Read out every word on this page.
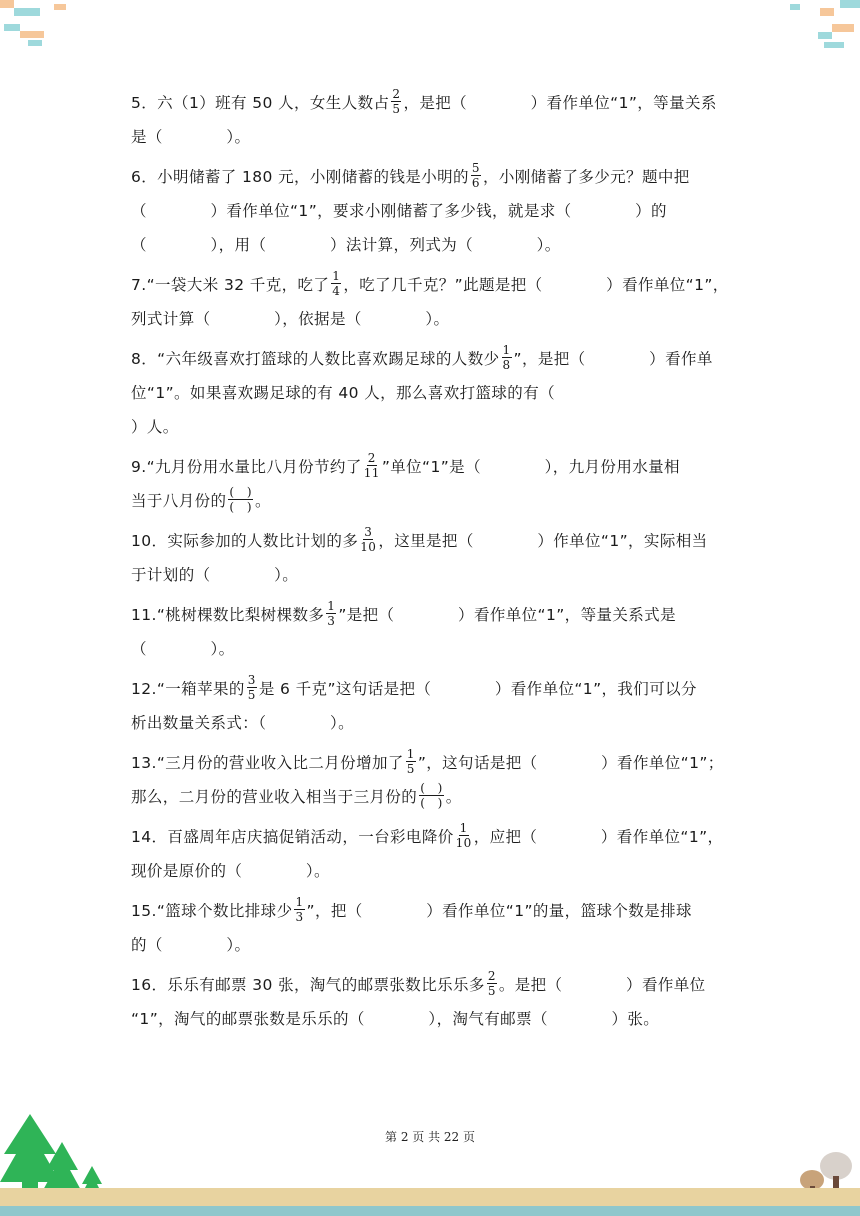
5．六（1）班有 50 人，女生人数占 $\frac{2}{5}$ ，是把（　　　　）看作单位“1”，等量关系
是（　　　　）。
6．小明储蓄了 180 元，小刚储蓄的钱是小明的 $\frac{5}{6}$ ，小刚储蓄了多少元？题中把
（　　　　）看作单位“1”，要求小刚储蓄了多少钱，就是求（　　　　）的
（　　　　），用（　　　　）法计算，列式为（　　　　）。
7.“一袋大米 32 千克，吃了 $\frac{1}{4}$ ，吃了几千克？”此题是把（　　　　）看作单位“1”，
列式计算（　　　　），依据是（　　　　）。
8．“六年级喜欢打篮球的人数比喜欢踢足球的人数少 $\frac{1}{8}$ ”，是把（　　　　）看作单
位“1”。如果喜欢踢足球的有 40 人，那么喜欢打篮球的有（
）人。
9.“九月份用水量比八月份节约了 $\frac{2}{11}$ ”单位“1”是（　　　　），九月份用水量相
当于八月份的 $\frac{( )}{( )}$ 。
10．实际参加的人数比计划的多 $\frac{3}{10}$ ，这里是把（　　　　）作单位“1”，实际相当
于计划的（　　　　）。
11.“桃树棵数比梨树棵数多 $\frac{1}{3}$ ”是把（　　　　）看作单位“1”，等量关系式是
（　　　　）。
12.“一箱苹果的 $\frac{3}{5}$ 是 6 千克”这句话是把（　　　　）看作单位“1”，我们可以分
析出数量关系式：（　　　　）。
13.“三月份的营业收入比二月份增加了 $\frac{1}{5}$ ”，这句话是把（　　　　）看作单位“1”；
那么，二月份的营业收入相当于三月份的 $\frac{( )}{( )}$ 。
14．百盛周年店庆搞促销活动，一台彩电降价 $\frac{1}{10}$ ，应把（　　　　）看作单位“1”，
现价是原价的（　　　　）。
15.“篮球个数比排球少 $\frac{1}{3}$ ”，把（　　　　）看作单位“1”的量，篮球个数是排球
的（　　　　）。
16．乐乐有邮票 30 张，淘气的邮票张数比乐乐多 $\frac{2}{5}$ 。是把（　　　　）看作单位
“1”，淘气的邮票张数是乐乐的（　　　　），淘气有邮票（　　　　）张。
第 2 页 共 22 页
